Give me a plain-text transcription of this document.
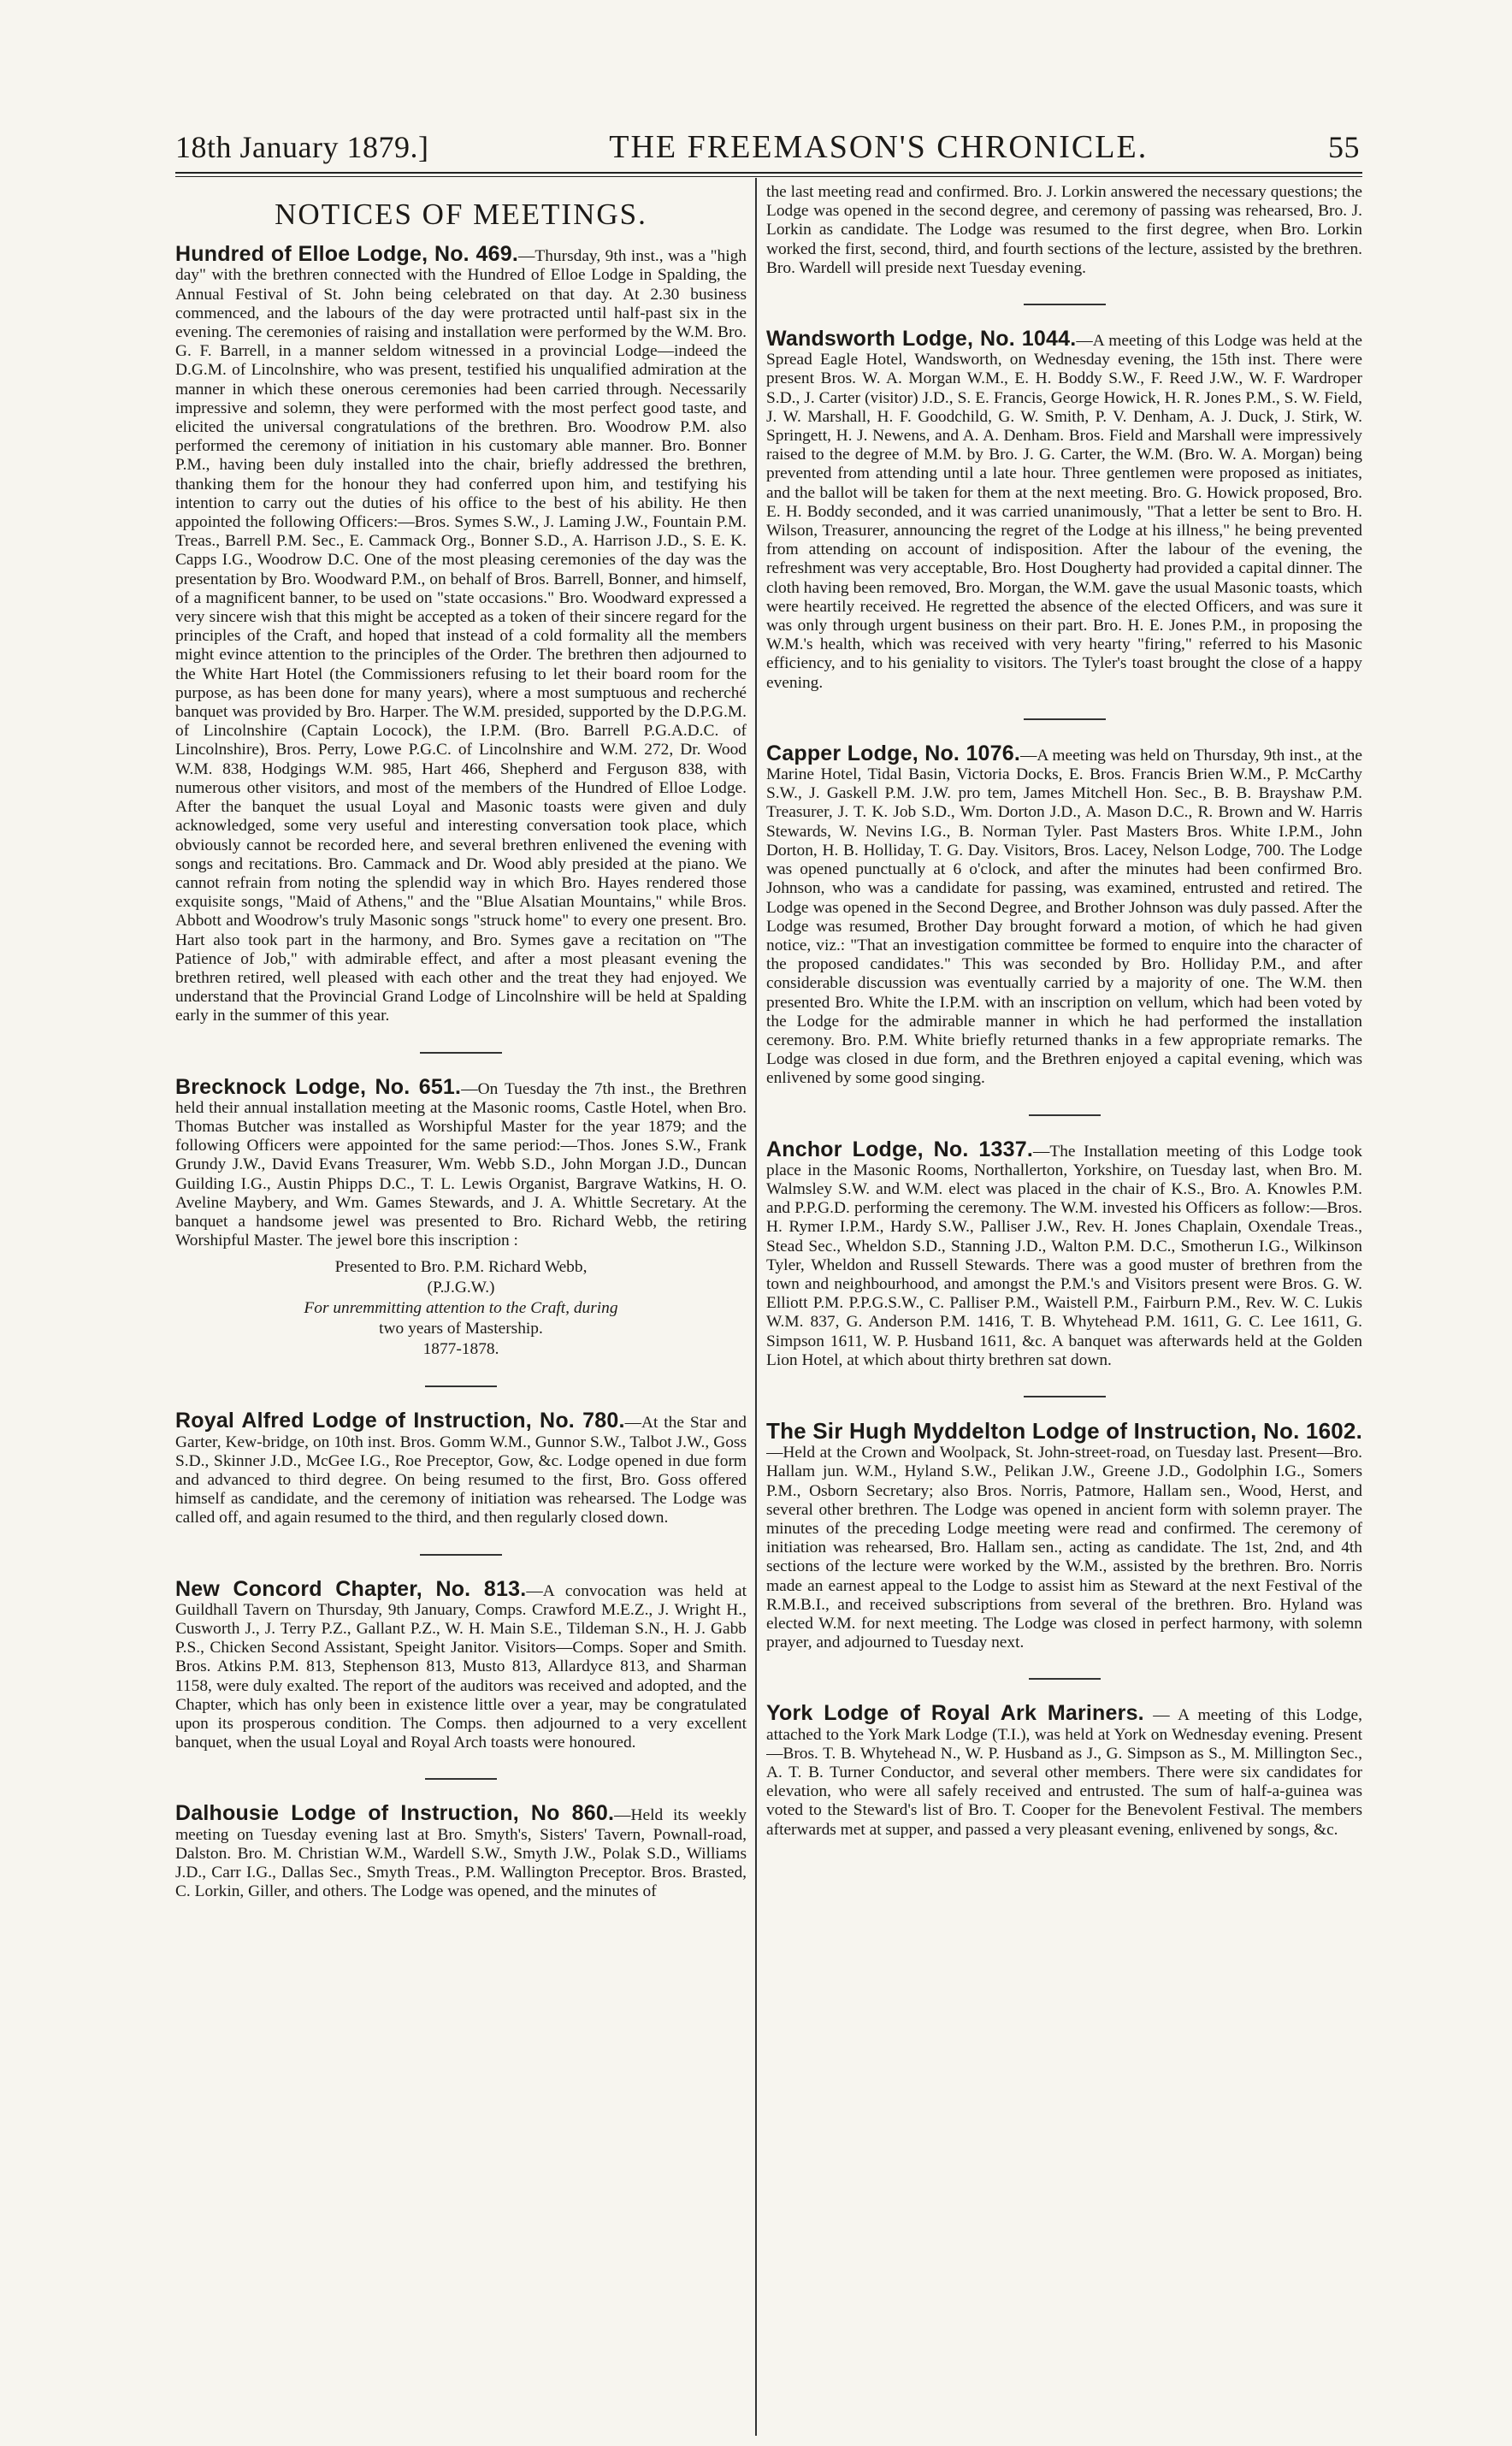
18th January 1879.]	THE FREEMASON'S CHRONICLE.	55
NOTICES OF MEETINGS.

Hundred of Elloe Lodge, No. 469.—Thursday, 9th inst., was a "high day" with the brethren connected with the Hundred of Elloe Lodge in Spalding, the Annual Festival of St. John being celebrated on that day. At 2.30 business commenced, and the labours of the day were protracted until half-past six in the evening. The ceremonies of raising and installation were performed by the W.M. Bro. G. F. Barrell, in a manner seldom witnessed in a provincial Lodge—indeed the D.G.M. of Lincolnshire, who was present, testified his unqualified admiration at the manner in which these onerous ceremonies had been carried through. Necessarily impressive and solemn, they were performed with the most perfect good taste, and elicited the universal congratulations of the brethren. Bro. Woodrow P.M. also performed the ceremony of initiation in his customary able manner. Bro. Bonner P.M., having been duly installed into the chair, briefly addressed the brethren, thanking them for the honour they had conferred upon him, and testifying his intention to carry out the duties of his office to the best of his ability. He then appointed the following Officers:—Bros. Symes S.W., J. Laming J.W., Fountain P.M. Treas., Barrell P.M. Sec., E. Cammack Org., Bonner S.D., A. Harrison J.D., S. E. K. Capps I.G., Woodrow D.C. One of the most pleasing ceremonies of the day was the presentation by Bro. Woodward P.M., on behalf of Bros. Barrell, Bonner, and himself, of a magnificent banner, to be used on "state occasions." Bro. Woodward expressed a very sincere wish that this might be accepted as a token of their sincere regard for the principles of the Craft, and hoped that instead of a cold formality all the members might evince attention to the principles of the Order. The brethren then adjourned to the White Hart Hotel (the Commissioners refusing to let their board room for the purpose, as has been done for many years), where a most sumptuous and recherché banquet was provided by Bro. Harper. The W.M. presided, supported by the D.P.G.M. of Lincolnshire (Captain Locock), the I.P.M. (Bro. Barrell P.G.A.D.C. of Lincolnshire), Bros. Perry, Lowe P.G.C. of Lincolnshire and W.M. 272, Dr. Wood W.M. 838, Hodgings W.M. 985, Hart 466, Shepherd and Ferguson 838, with numerous other visitors, and most of the members of the Hundred of Elloe Lodge. After the banquet the usual Loyal and Masonic toasts were given and duly acknowledged, some very useful and interesting conversation took place, which obviously cannot be recorded here, and several brethren enlivened the evening with songs and recitations. Bro. Cammack and Dr. Wood ably presided at the piano. We cannot refrain from noting the splendid way in which Bro. Hayes rendered those exquisite songs, "Maid of Athens," and the "Blue Alsatian Mountains," while Bros. Abbott and Woodrow's truly Masonic songs "struck home" to every one present. Bro. Hart also took part in the harmony, and Bro. Symes gave a recitation on "The Patience of Job," with admirable effect, and after a most pleasant evening the brethren retired, well pleased with each other and the treat they had enjoyed. We understand that the Provincial Grand Lodge of Lincolnshire will be held at Spalding early in the summer of this year.

Brecknock Lodge, No. 651.—On Tuesday the 7th inst., the Brethren held their annual installation meeting at the Masonic rooms, Castle Hotel, when Bro. Thomas Butcher was installed as Worshipful Master for the year 1879; and the following Officers were appointed for the same period:—Thos. Jones S.W., Frank Grundy J.W., David Evans Treasurer, Wm. Webb S.D., John Morgan J.D., Duncan Guilding I.G., Austin Phipps D.C., T. L. Lewis Organist, Bargrave Watkins, H. O. Aveline Maybery, and Wm. Games Stewards, and J. A. Whittle Secretary. At the banquet a handsome jewel was presented to Bro. Richard Webb, the retiring Worshipful Master. The jewel bore this inscription :

Presented to Bro. P.M. Richard Webb,
(P.J.G.W.)
For unremmitting attention to the Craft, during
two years of Mastership.
1877-1878.

Royal Alfred Lodge of Instruction, No. 780.—At the Star and Garter, Kew-bridge, on 10th inst. Bros. Gomm W.M., Gunnor S.W., Talbot J.W., Goss S.D., Skinner J.D., McGee I.G., Roe Preceptor, Gow, &c. Lodge opened in due form and advanced to third degree. On being resumed to the first, Bro. Goss offered himself as candidate, and the ceremony of initiation was rehearsed. The Lodge was called off, and again resumed to the third, and then regularly closed down.

New Concord Chapter, No. 813.—A convocation was held at Guildhall Tavern on Thursday, 9th January, Comps. Crawford M.E.Z., J. Wright H., Cusworth J., J. Terry P.Z., Gallant P.Z., W. H. Main S.E., Tildeman S.N., H. J. Gabb P.S., Chicken Second Assistant, Speight Janitor. Visitors—Comps. Soper and Smith. Bros. Atkins P.M. 813, Stephenson 813, Musto 813, Allardyce 813, and Sharman 1158, were duly exalted. The report of the auditors was received and adopted, and the Chapter, which has only been in existence little over a year, may be congratulated upon its prosperous condition. The Comps. then adjourned to a very excellent banquet, when the usual Loyal and Royal Arch toasts were honoured.

Dalhousie Lodge of Instruction, No 860.—Held its weekly meeting on Tuesday evening last at Bro. Smyth's, Sisters' Tavern, Pownall-road, Dalston. Bro. M. Christian W.M., Wardell S.W., Smyth J.W., Polak S.D., Williams J.D., Carr I.G., Dallas Sec., Smyth Treas., P.M. Wallington Preceptor. Bros. Brasted, C. Lorkin, Giller, and others. The Lodge was opened, and the minutes of

the last meeting read and confirmed. Bro. J. Lorkin answered the necessary questions; the Lodge was opened in the second degree, and ceremony of passing was rehearsed, Bro. J. Lorkin as candidate. The Lodge was resumed to the first degree, when Bro. Lorkin worked the first, second, third, and fourth sections of the lecture, assisted by the brethren. Bro. Wardell will preside next Tuesday evening.

Wandsworth Lodge, No. 1044.—A meeting of this Lodge was held at the Spread Eagle Hotel, Wandsworth, on Wednesday evening, the 15th inst. There were present Bros. W. A. Morgan W.M., E. H. Boddy S.W., F. Reed J.W., W. F. Wardroper S.D., J. Carter (visitor) J.D., S. E. Francis, George Howick, H. R. Jones P.M., S. W. Field, J. W. Marshall, H. F. Goodchild, G. W. Smith, P. V. Denham, A. J. Duck, J. Stirk, W. Springett, H. J. Newens, and A. A. Denham. Bros. Field and Marshall were impressively raised to the degree of M.M. by Bro. J. G. Carter, the W.M. (Bro. W. A. Morgan) being prevented from attending until a late hour. Three gentlemen were proposed as initiates, and the ballot will be taken for them at the next meeting. Bro. G. Howick proposed, Bro. E. H. Boddy seconded, and it was carried unanimously, "That a letter be sent to Bro. H. Wilson, Treasurer, announcing the regret of the Lodge at his illness," he being prevented from attending on account of indisposition. After the labour of the evening, the refreshment was very acceptable, Bro. Host Dougherty had provided a capital dinner. The cloth having been removed, Bro. Morgan, the W.M. gave the usual Masonic toasts, which were heartily received. He regretted the absence of the elected Officers, and was sure it was only through urgent business on their part. Bro. H. E. Jones P.M., in proposing the W.M.'s health, which was received with very hearty "firing," referred to his Masonic efficiency, and to his geniality to visitors. The Tyler's toast brought the close of a happy evening.

Capper Lodge, No. 1076.—A meeting was held on Thursday, 9th inst., at the Marine Hotel, Tidal Basin, Victoria Docks, E. Bros. Francis Brien W.M., P. McCarthy S.W., J. Gaskell P.M. J.W. pro tem, James Mitchell Hon. Sec., B. B. Brayshaw P.M. Treasurer, J. T. K. Job S.D., Wm. Dorton J.D., A. Mason D.C., R. Brown and W. Harris Stewards, W. Nevins I.G., B. Norman Tyler. Past Masters Bros. White I.P.M., John Dorton, H. B. Holliday, T. G. Day. Visitors, Bros. Lacey, Nelson Lodge, 700. The Lodge was opened punctually at 6 o'clock, and after the minutes had been confirmed Bro. Johnson, who was a candidate for passing, was examined, entrusted and retired. The Lodge was opened in the Second Degree, and Brother Johnson was duly passed. After the Lodge was resumed, Brother Day brought forward a motion, of which he had given notice, viz.: "That an investigation committee be formed to enquire into the character of the proposed candidates." This was seconded by Bro. Holliday P.M., and after considerable discussion was eventually carried by a majority of one. The W.M. then presented Bro. White the I.P.M. with an inscription on vellum, which had been voted by the Lodge for the admirable manner in which he had performed the installation ceremony. Bro. P.M. White briefly returned thanks in a few appropriate remarks. The Lodge was closed in due form, and the Brethren enjoyed a capital evening, which was enlivened by some good singing.

Anchor Lodge, No. 1337.—The Installation meeting of this Lodge took place in the Masonic Rooms, Northallerton, Yorkshire, on Tuesday last, when Bro. M. Walmsley S.W. and W.M. elect was placed in the chair of K.S., Bro. A. Knowles P.M. and P.P.G.D. performing the ceremony. The W.M. invested his Officers as follow:—Bros. H. Rymer I.P.M., Hardy S.W., Palliser J.W., Rev. H. Jones Chaplain, Oxendale Treas., Stead Sec., Wheldon S.D., Stanning J.D., Walton P.M. D.C., Smotherun I.G., Wilkinson Tyler, Wheldon and Russell Stewards. There was a good muster of brethren from the town and neighbourhood, and amongst the P.M.'s and Visitors present were Bros. G. W. Elliott P.M. P.P.G.S.W., C. Palliser P.M., Waistell P.M., Fairburn P.M., Rev. W. C. Lukis W.M. 837, G. Anderson P.M. 1416, T. B. Whytehead P.M. 1611, G. C. Lee 1611, G. Simpson 1611, W. P. Husband 1611, &c. A banquet was afterwards held at the Golden Lion Hotel, at which about thirty brethren sat down.

The Sir Hugh Myddelton Lodge of Instruction, No. 1602.—Held at the Crown and Woolpack, St. John-street-road, on Tuesday last. Present—Bro. Hallam jun. W.M., Hyland S.W., Pelikan J.W., Greene J.D., Godolphin I.G., Somers P.M., Osborn Secretary; also Bros. Norris, Patmore, Hallam sen., Wood, Herst, and several other brethren. The Lodge was opened in ancient form with solemn prayer. The minutes of the preceding Lodge meeting were read and confirmed. The ceremony of initiation was rehearsed, Bro. Hallam sen., acting as candidate. The 1st, 2nd, and 4th sections of the lecture were worked by the W.M., assisted by the brethren. Bro. Norris made an earnest appeal to the Lodge to assist him as Steward at the next Festival of the R.M.B.I., and received subscriptions from several of the brethren. Bro. Hyland was elected W.M. for next meeting. The Lodge was closed in perfect harmony, with solemn prayer, and adjourned to Tuesday next.

York Lodge of Royal Ark Mariners. — A meeting of this Lodge, attached to the York Mark Lodge (T.I.), was held at York on Wednesday evening. Present—Bros. T. B. Whytehead N., W. P. Husband as J., G. Simpson as S., M. Millington Sec., A. T. B. Turner Conductor, and several other members. There were six candidates for elevation, who were all safely received and entrusted. The sum of half-a-guinea was voted to the Steward's list of Bro. T. Cooper for the Benevolent Festival. The members afterwards met at supper, and passed a very pleasant evening, enlivened by songs, &c.
